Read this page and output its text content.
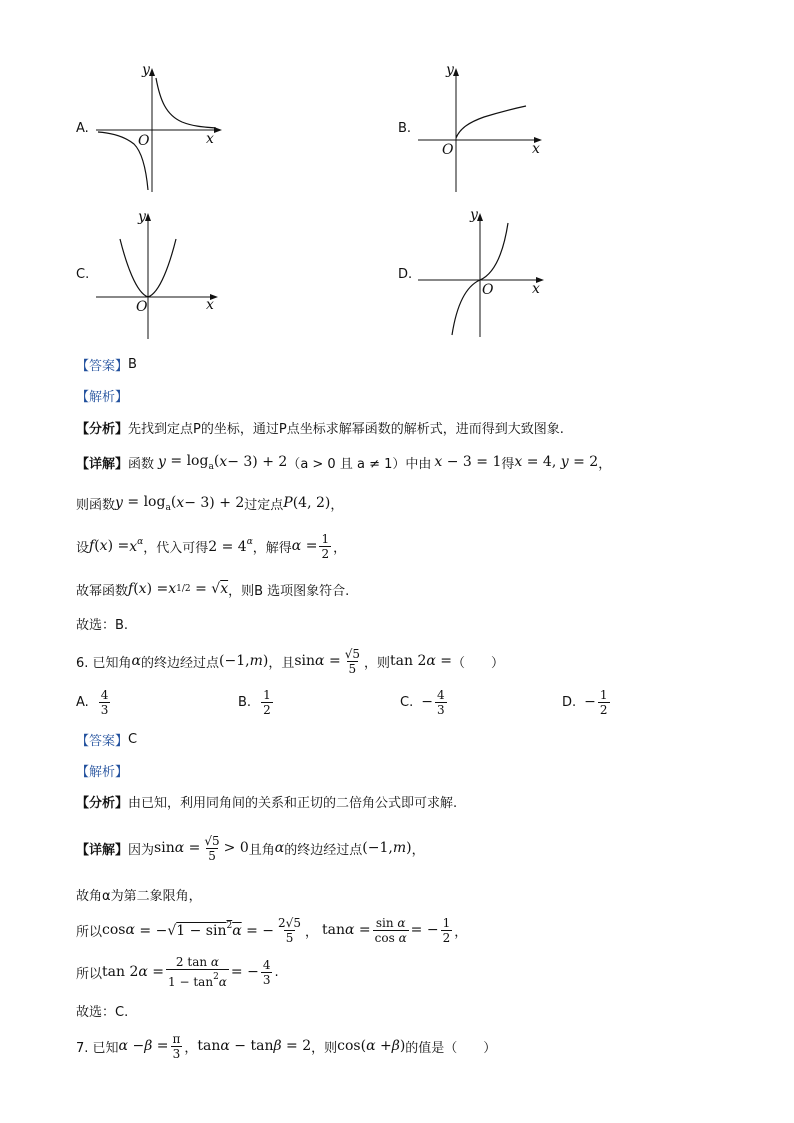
A.
x
y
O
B.
x
y
O
C.
x
y
O
D.
x
y
O
【答案】 B
【解析】
【分析】 先找到定点P的坐标，通过P点坐标求解幂函数的解析式，进而得到大致图象.
【详解】 函数 $y = \log_a$( x − 3) + 2 （ a > 0 且 a ≠ 1 ）中由 x − 3 = 1 得 x = 4, y = 2 ，
则函数 $y = \log_a$( x − 3) + 2 过定点 P (4, 2) ，
设 f ( x ) = $x^\alpha$ ，代入可得 $2 = 4^\alpha$ ，解得 $\alpha = \frac{1}{2}$ ，
故幂函数 f ( x ) = x 1/2 = √ x ，则B 选项图象符合.
故选：B.
6. 已知角 α 的终边经过点 (−1, m ) ，且 $\sin \alpha = \frac{√5}{5}$ ，则 tan 2 α = （　　）
A. $\frac{4}{3}$	B. $\frac{1}{2}$	C. − $\frac{4}{3}$	D. − $\frac{1}{2}$
【答案】 C
【解析】
【分析】 由已知，利用同角间的关系和正切的二倍角公式即可求解.
【详解】 因为 $\sin \alpha = \frac{√5}{5} > 0$ 且角 α 的终边经过点 (−1, m ) ，
故角α为第二象限角，
所以 $\cos \alpha = -√1 - \sin^2\alpha$ = − $\frac{2√5}{5}$ ， $\tan \alpha = \frac{\text{sin α}}{\text{cos α}}$ = − $\frac{1}{2}$ ，
所以 tan 2 $\alpha = \frac{\text{2 tan α}}{1 - \tan^2\alpha}$ = − $\frac{4}{3}$ .
故选：C.
7. 已知 $\alpha - \beta = \frac{\pi}{3}$ ， tan α − tan β = 2 ，则 cos( α + β ) 的值是（　　）
